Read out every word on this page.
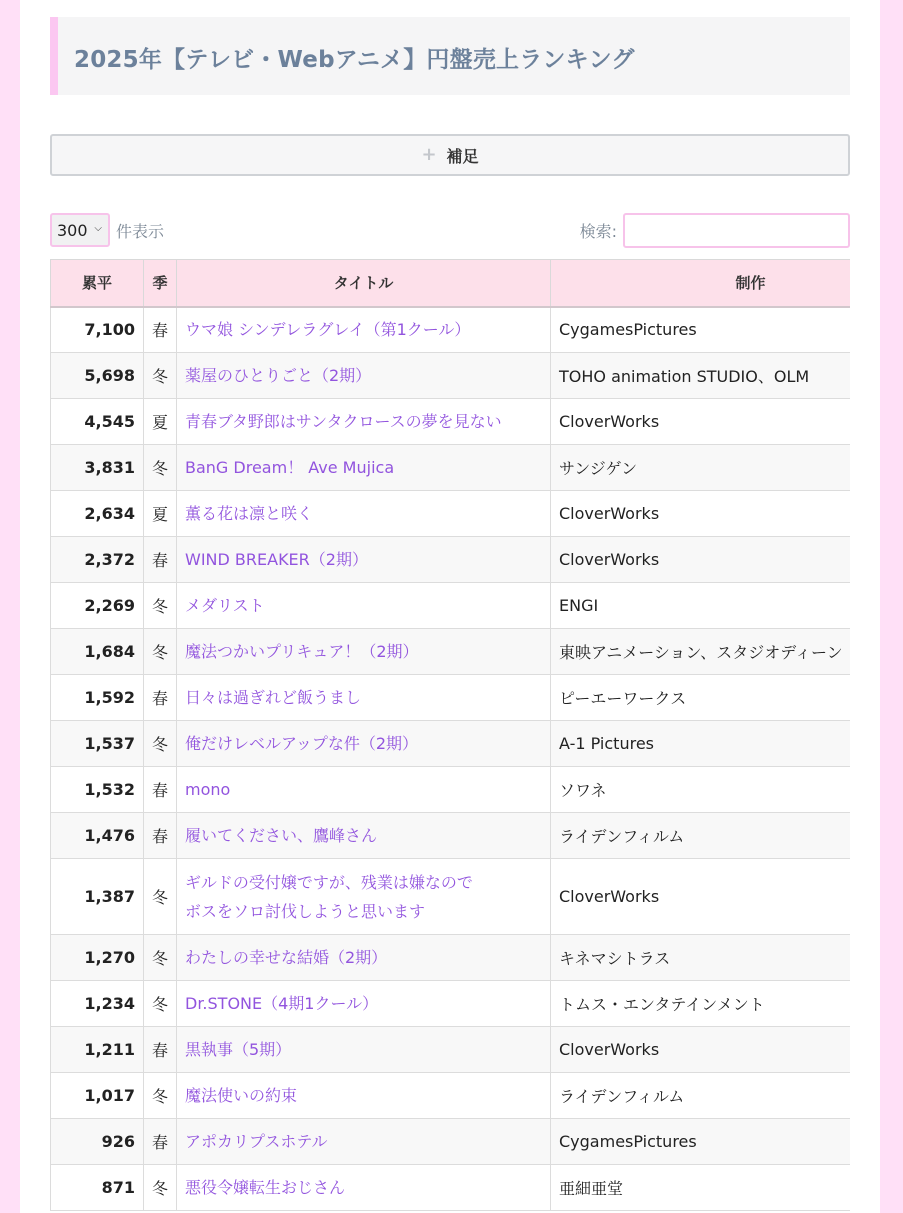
2025年【テレビ・Webアニメ】円盤売上ランキング
+ 補足
300 ⌵ 件表示	検索:
累平	季	タイトル	制作
7,100	春	ウマ娘 シンデレラグレイ（第1クール）	CygamesPictures
5,698	冬	薬屋のひとりごと（2期）	TOHO animation STUDIO、OLM
4,545	夏	青春ブタ野郎はサンタクロースの夢を見ない	CloverWorks
3,831	冬	BanG Dream！ Ave Mujica	サンジゲン
2,634	夏	薫る花は凛と咲く	CloverWorks
2,372	春	WIND BREAKER（2期）	CloverWorks
2,269	冬	メダリスト	ENGI
1,684	冬	魔法つかいプリキュア！（2期）	東映アニメーション、スタジオディーン
1,592	春	日々は過ぎれど飯うまし	ピーエーワークス
1,537	冬	俺だけレベルアップな件（2期）	A-1 Pictures
1,532	春	mono	ソワネ
1,476	春	履いてください、鷹峰さん	ライデンフィルム
1,387	冬	ギルドの受付嬢ですが、残業は嫌なので
ボスをソロ討伐しようと思います	CloverWorks
1,270	冬	わたしの幸せな結婚（2期）	キネマシトラス
1,234	冬	Dr.STONE（4期1クール）	トムス・エンタテインメント
1,211	春	黒執事（5期）	CloverWorks
1,017	冬	魔法使いの約束	ライデンフィルム
926	春	アポカリプスホテル	CygamesPictures
871	冬	悪役令嬢転生おじさん	亜細亜堂
